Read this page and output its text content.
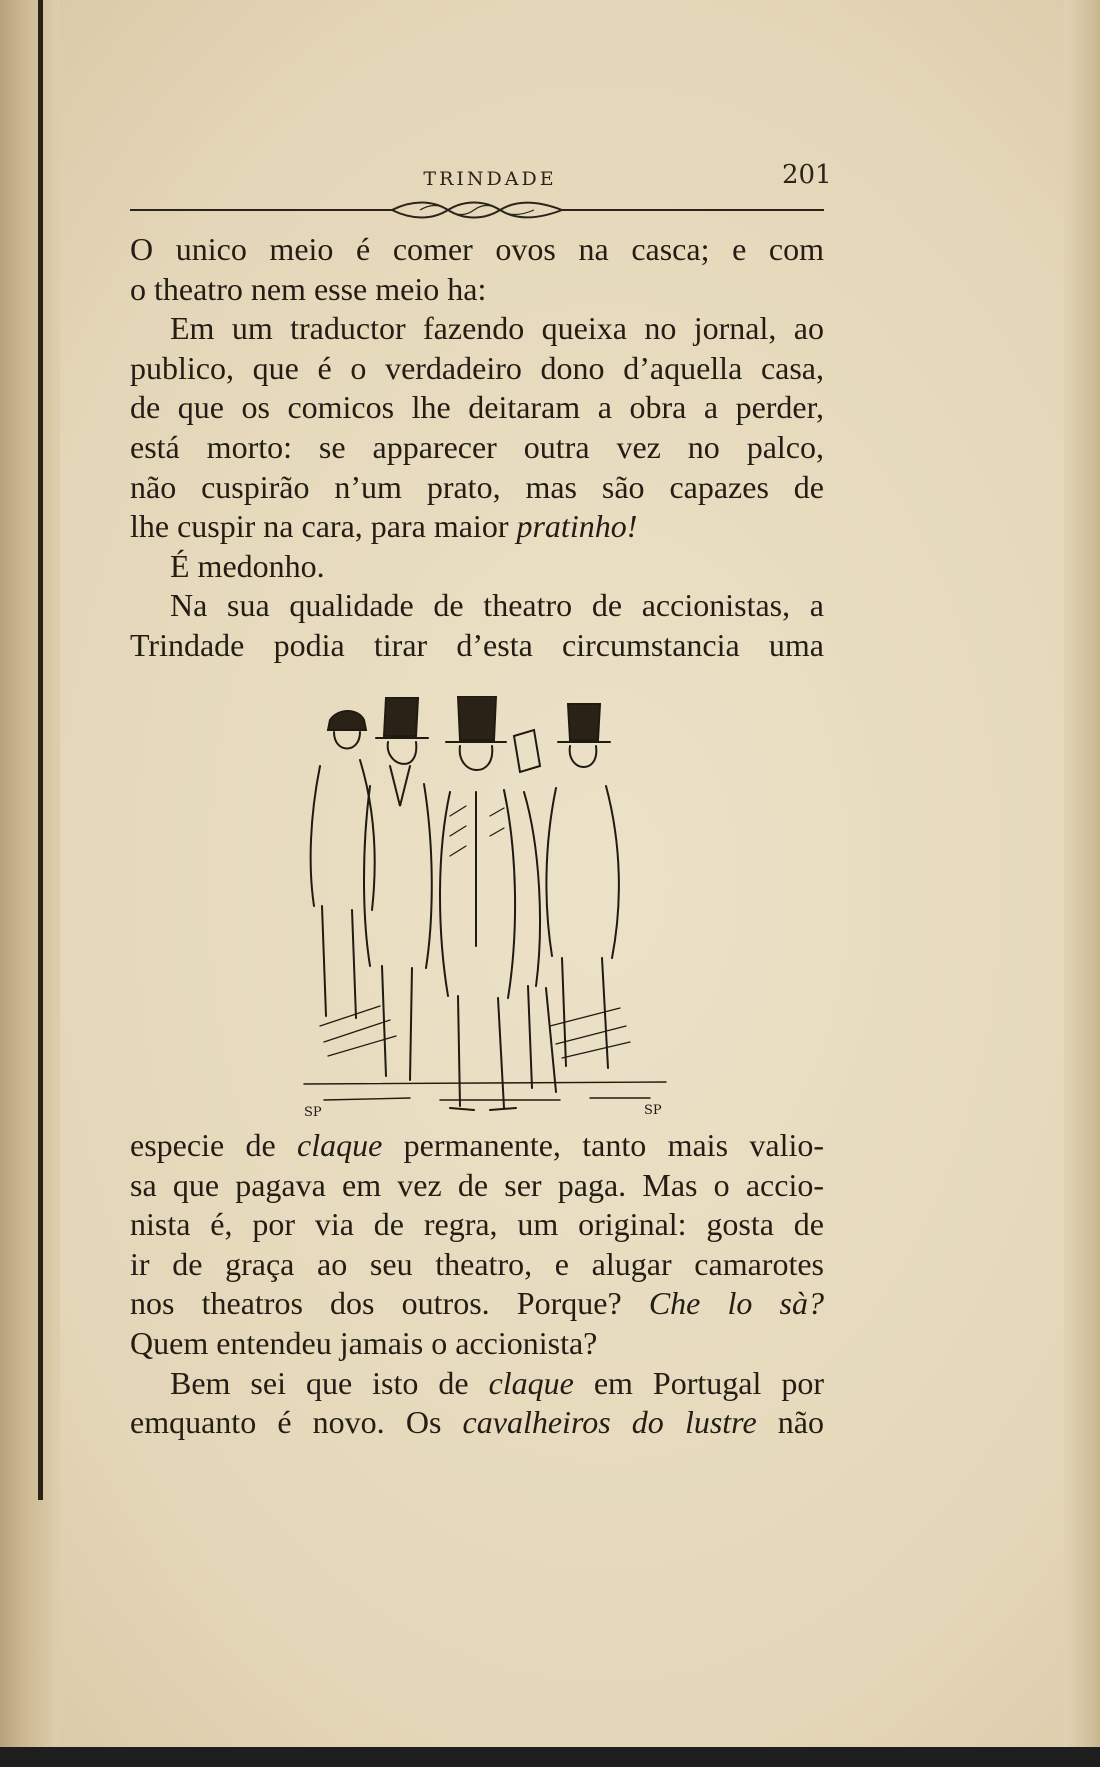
TRINDADE	201
O unico meio é comer ovos na casca; e com
o theatro nem esse meio ha:
Em um traductor fazendo queixa no jornal, ao
publico, que é o verdadeiro dono d’aquella casa,
de que os comicos lhe deitaram a obra a perder,
está morto: se apparecer outra vez no palco,
não cuspirão n’um prato, mas são capazes de
lhe cuspir na cara, para maior pratinho!
É medonho.
Na sua qualidade de theatro de accionistas, a
Trindade podia tirar d’esta circumstancia uma
SP	SP
especie de claque permanente, tanto mais valio-
sa que pagava em vez de ser paga. Mas o accio-
nista é, por via de regra, um original: gosta de
ir de graça ao seu theatro, e alugar camarotes
nos theatros dos outros. Porque? Che lo sà?
Quem entendeu jamais o accionista?
Bem sei que isto de claque em Portugal por
emquanto é novo. Os cavalheiros do lustre não
